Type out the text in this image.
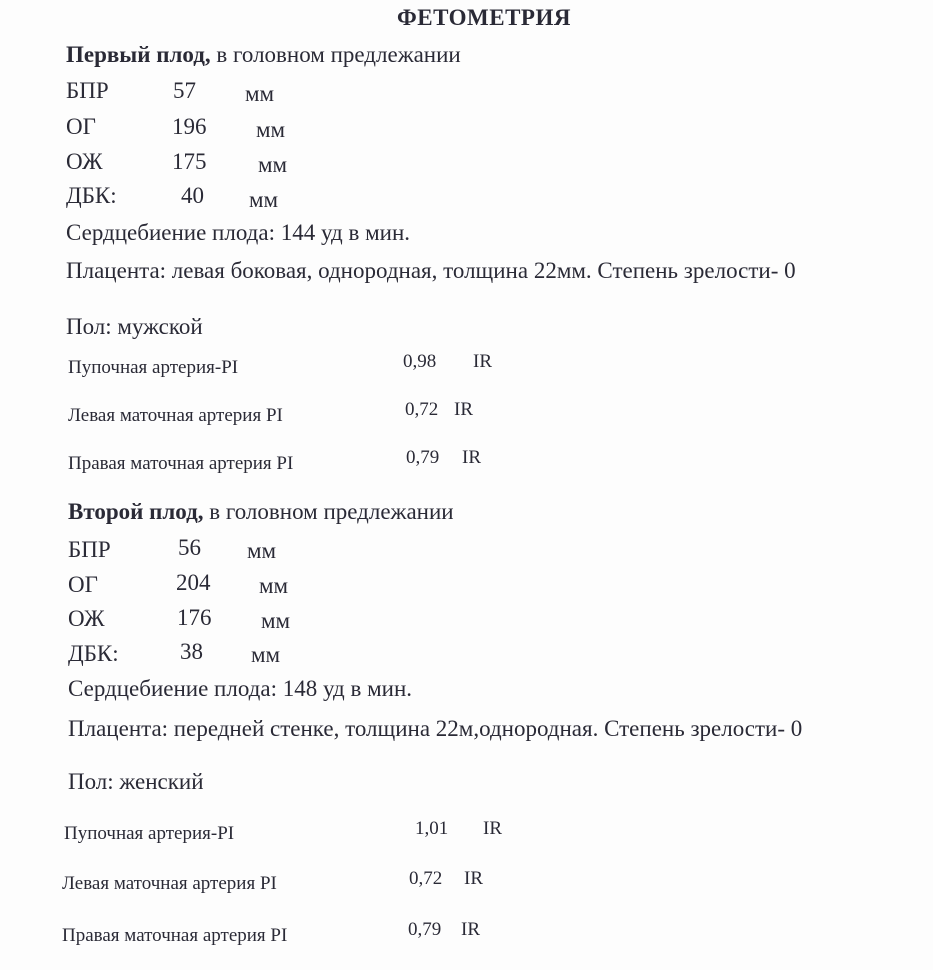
ФЕТОМЕТРИЯ
Первый плод, в головном предлежании
БПР	57 мм
ОГ	196 мм
ОЖ	175 мм
ДБК:	40 мм
Сердцебиение плода: 144 уд в мин.
Плацента: левая боковая, однородная, толщина 22мм. Степень зрелости- 0
Пол: мужской
Пупочная артерия-PI	0,98 IR
Левая маточная артерия PI	0,72 IR
Правая маточная артерия PI	0,79 IR
Второй плод, в головном предлежании
БПР	56 мм
ОГ	204 мм
ОЖ	176 мм
ДБК:	38 мм
Сердцебиение плода: 148 уд в мин.
Плацента: передней стенке, толщина 22м,однородная. Степень зрелости- 0
Пол: женский
Пупочная артерия-PI	1,01 IR
Левая маточная артерия PI	0,72 IR
Правая маточная артерия PI	0,79 IR
